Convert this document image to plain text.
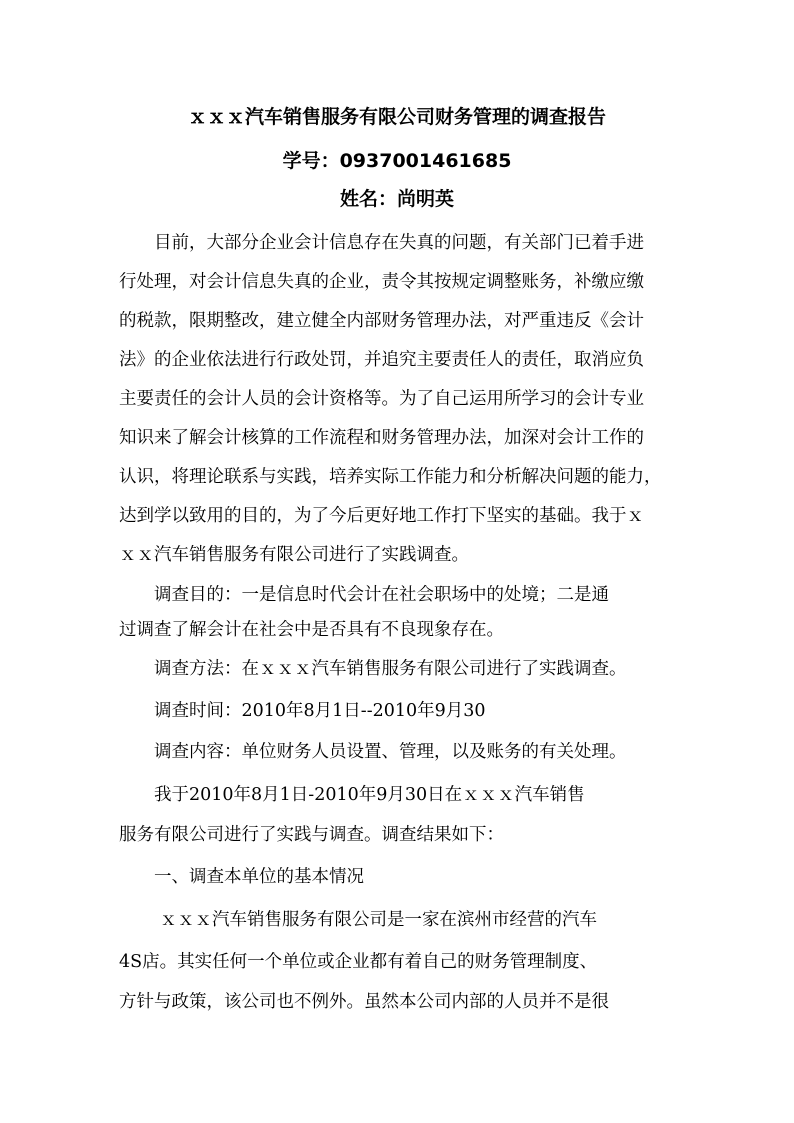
ｘｘｘ汽车销售服务有限公司财务管理的调查报告
学号：0937001461685
姓名：尚明英
　　目前，大部分企业会计信息存在失真的问题，有关部门已着手进
行处理，对会计信息失真的企业，责令其按规定调整账务，补缴应缴
的税款，限期整改，建立健全内部财务管理办法，对严重违反《会计
法》的企业依法进行行政处罚，并追究主要责任人的责任，取消应负
主要责任的会计人员的会计资格等。为了自己运用所学习的会计专业
知识来了解会计核算的工作流程和财务管理办法，加深对会计工作的
认识，将理论联系与实践，培养实际工作能力和分析解决问题的能力，
达到学以致用的目的，为了今后更好地工作打下坚实的基础。我于ｘ
ｘｘ汽车销售服务有限公司进行了实践调查。
　　调查目的：一是信息时代会计在社会职场中的处境；二是通
过调查了解会计在社会中是否具有不良现象存在。
　　调查方法：在ｘｘｘ汽车销售服务有限公司进行了实践调查。
　　调查时间：2010年8月1日--2010年9月30
　　调查内容：单位财务人员设置、管理，以及账务的有关处理。
　　我于2010年8月1日-2010年9月30日在ｘｘｘ汽车销售
服务有限公司进行了实践与调查。调查结果如下：
　　一、调查本单位的基本情况
　　 ｘｘｘ汽车销售服务有限公司是一家在滨州市经营的汽车
4S店。其实任何一个单位或企业都有着自己的财务管理制度、
方针与政策，该公司也不例外。虽然本公司内部的人员并不是很
